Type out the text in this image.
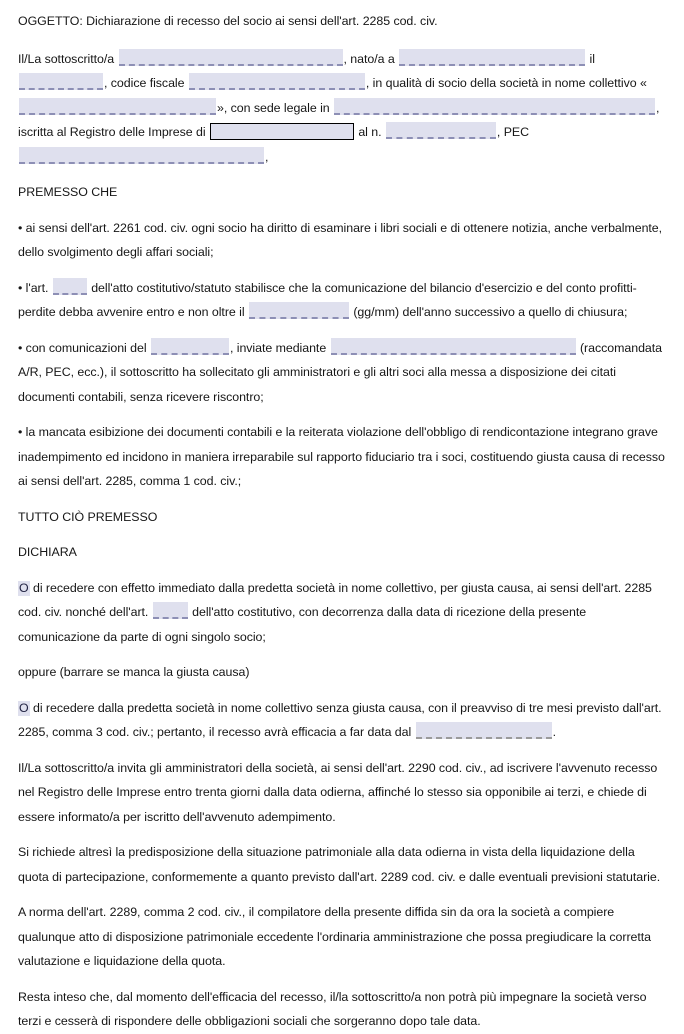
OGGETTO: Dichiarazione di recesso del socio ai sensi dell'art. 2285 cod. civ.

Il/La sottoscritto/a	, nato/a a	il , codice fiscale	, in qualità di socio della società in nome collettivo «», con sede legale in	, iscritta al Registro delle Imprese di	al n.	, PEC ,

PREMESSO CHE

• ai sensi dell'art. 2261 cod. civ. ogni socio ha diritto di esaminare i libri sociali e di ottenere notizia, anche verbalmente, dello svolgimento degli affari sociali;

• l'art.	dell'atto costitutivo/statuto stabilisce che la comunicazione del bilancio d'esercizio e del conto profitti-perdite debba avvenire entro e non oltre il	(gg/mm) dell'anno successivo a quello di chiusura;

• con comunicazioni del	, inviate mediante	(raccomandata A/R, PEC, ecc.), il sottoscritto ha sollecitato gli amministratori e gli altri soci alla messa a disposizione dei citati documenti contabili, senza ricevere riscontro;

• la mancata esibizione dei documenti contabili e la reiterata violazione dell'obbligo di rendicontazione integrano grave inadempimento ed incidono in maniera irreparabile sul rapporto fiduciario tra i soci, costituendo giusta causa di recesso ai sensi dell'art. 2285, comma 1 cod. civ.;

TUTTO CIÒ PREMESSO

DICHIARA

O di recedere con effetto immediato dalla predetta società in nome collettivo, per giusta causa, ai sensi dell'art. 2285 cod. civ. nonché dell'art.	dell'atto costitutivo, con decorrenza dalla data di ricezione della presente comunicazione da parte di ogni singolo socio;

oppure (barrare se manca la giusta causa)

O di recedere dalla predetta società in nome collettivo senza giusta causa, con il preavviso di tre mesi previsto dall'art. 2285, comma 3 cod. civ.; pertanto, il recesso avrà efficacia a far data dal	.

Il/La sottoscritto/a invita gli amministratori della società, ai sensi dell'art. 2290 cod. civ., ad iscrivere l'avvenuto recesso nel Registro delle Imprese entro trenta giorni dalla data odierna, affinché lo stesso sia opponibile ai terzi, e chiede di essere informato/a per iscritto dell'avvenuto adempimento.

Si richiede altresì la predisposizione della situazione patrimoniale alla data odierna in vista della liquidazione della quota di partecipazione, conformemente a quanto previsto dall'art. 2289 cod. civ. e dalle eventuali previsioni statutarie.

A norma dell'art. 2289, comma 2 cod. civ., il compilatore della presente diffida sin da ora la società a compiere qualunque atto di disposizione patrimoniale eccedente l'ordinaria amministrazione che possa pregiudicare la corretta valutazione e liquidazione della quota.

Resta inteso che, dal momento dell'efficacia del recesso, il/la sottoscritto/a non potrà più impegnare la società verso terzi e cesserà di rispondere delle obbligazioni sociali che sorgeranno dopo tale data.
